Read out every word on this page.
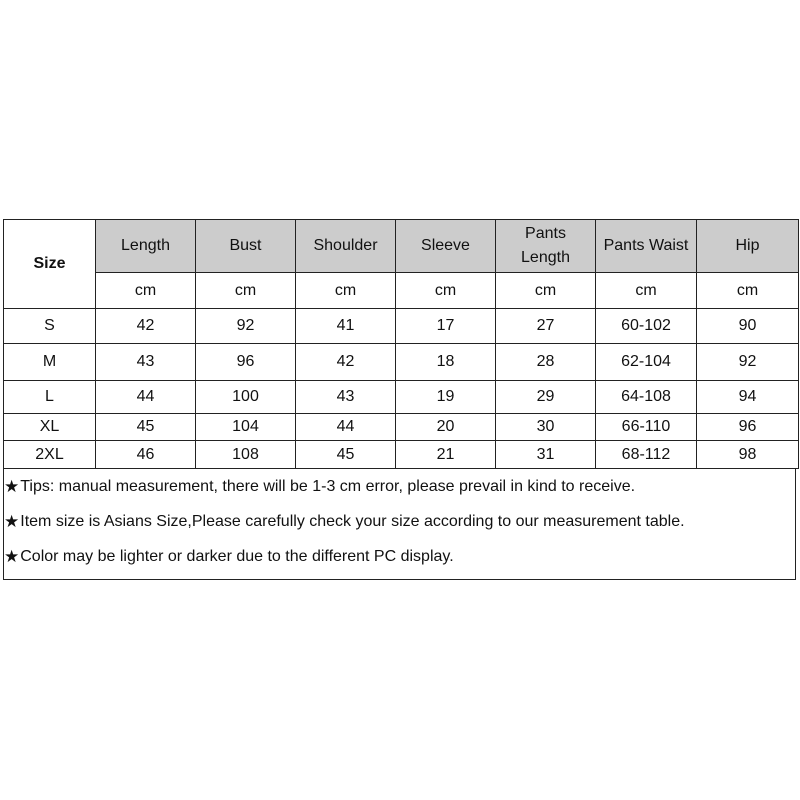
Size	Length	Bust	Shoulder	Sleeve	Pants Length	Pants Waist	Hip
	cm	cm	cm	cm	cm	cm	cm
S	42	92	41	17	27	60-102	90
M	43	96	42	18	28	62-104	92
L	44	100	43	19	29	64-108	94
XL	45	104	44	20	30	66-110	96
2XL	46	108	45	21	31	68-112	98
★ Tips: manual measurement, there will be 1-3 cm error, please prevail in kind to receive.
★ Item size is Asians Size,Please carefully check your size according to our measurement table.
★ Color may be lighter or darker due to the different PC display.
